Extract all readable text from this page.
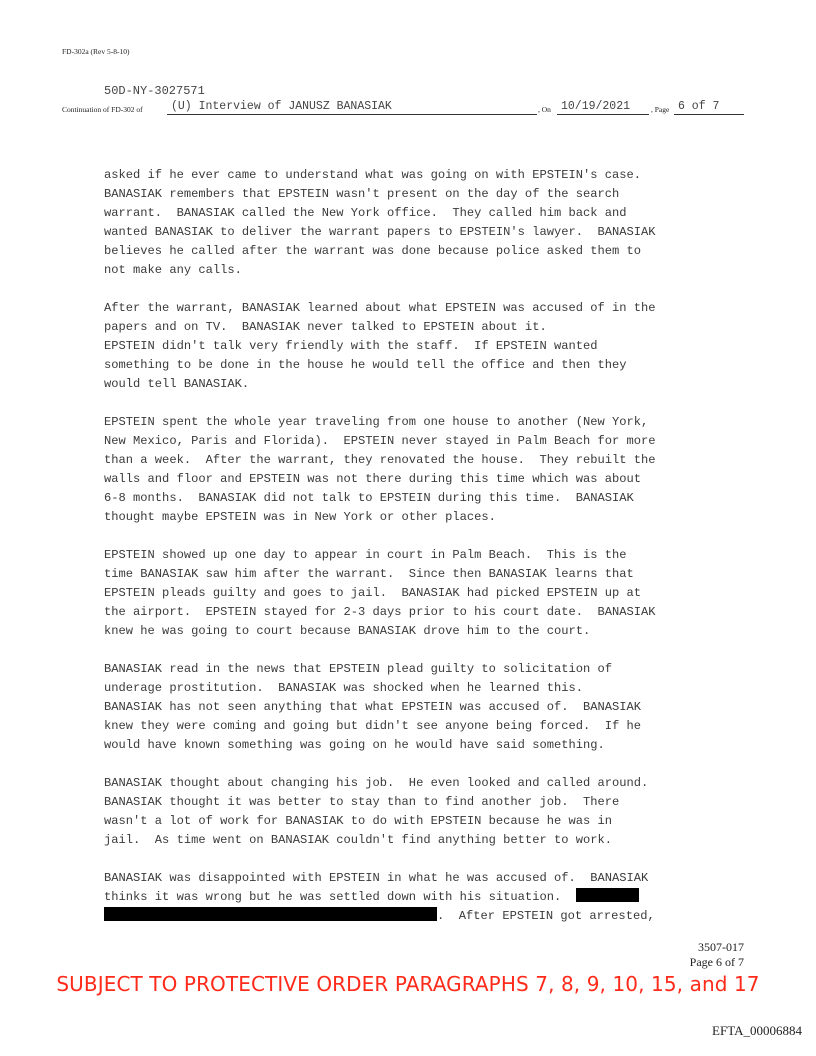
FD-302a (Rev 5-8-10)
50D-NY-3027571
Continuation of FD-302 of	(U) Interview of JANUSZ BANASIAK	, On 10/19/2021	, Page 6 of 7
asked if he ever came to understand what was going on with EPSTEIN's case.
BANASIAK remembers that EPSTEIN wasn't present on the day of the search
warrant.  BANASIAK called the New York office.  They called him back and
wanted BANASIAK to deliver the warrant papers to EPSTEIN's lawyer.  BANASIAK
believes he called after the warrant was done because police asked them to
not make any calls.
After the warrant, BANASIAK learned about what EPSTEIN was accused of in the
papers and on TV.  BANASIAK never talked to EPSTEIN about it.
EPSTEIN didn't talk very friendly with the staff.  If EPSTEIN wanted
something to be done in the house he would tell the office and then they
would tell BANASIAK.
EPSTEIN spent the whole year traveling from one house to another (New York,
New Mexico, Paris and Florida).  EPSTEIN never stayed in Palm Beach for more
than a week.  After the warrant, they renovated the house.  They rebuilt the
walls and floor and EPSTEIN was not there during this time which was about
6-8 months.  BANASIAK did not talk to EPSTEIN during this time.  BANASIAK
thought maybe EPSTEIN was in New York or other places.
EPSTEIN showed up one day to appear in court in Palm Beach.  This is the
time BANASIAK saw him after the warrant.  Since then BANASIAK learns that
EPSTEIN pleads guilty and goes to jail.  BANASIAK had picked EPSTEIN up at
the airport.  EPSTEIN stayed for 2-3 days prior to his court date.  BANASIAK
knew he was going to court because BANASIAK drove him to the court.
BANASIAK read in the news that EPSTEIN plead guilty to solicitation of
underage prostitution.  BANASIAK was shocked when he learned this.
BANASIAK has not seen anything that what EPSTEIN was accused of.  BANASIAK
knew they were coming and going but didn't see anyone being forced.  If he
would have known something was going on he would have said something.
BANASIAK thought about changing his job.  He even looked and called around.
BANASIAK thought it was better to stay than to find another job.  There
wasn't a lot of work for BANASIAK to do with EPSTEIN because he was in
jail.  As time went on BANASIAK couldn't find anything better to work.
BANASIAK was disappointed with EPSTEIN in what he was accused of.  BANASIAK
thinks it was wrong but he was settled down with his situation.
.  After EPSTEIN got arrested,
3507-017
Page 6 of 7
SUBJECT TO PROTECTIVE ORDER PARAGRAPHS 7, 8, 9, 10, 15, and 17
EFTA_00006884
